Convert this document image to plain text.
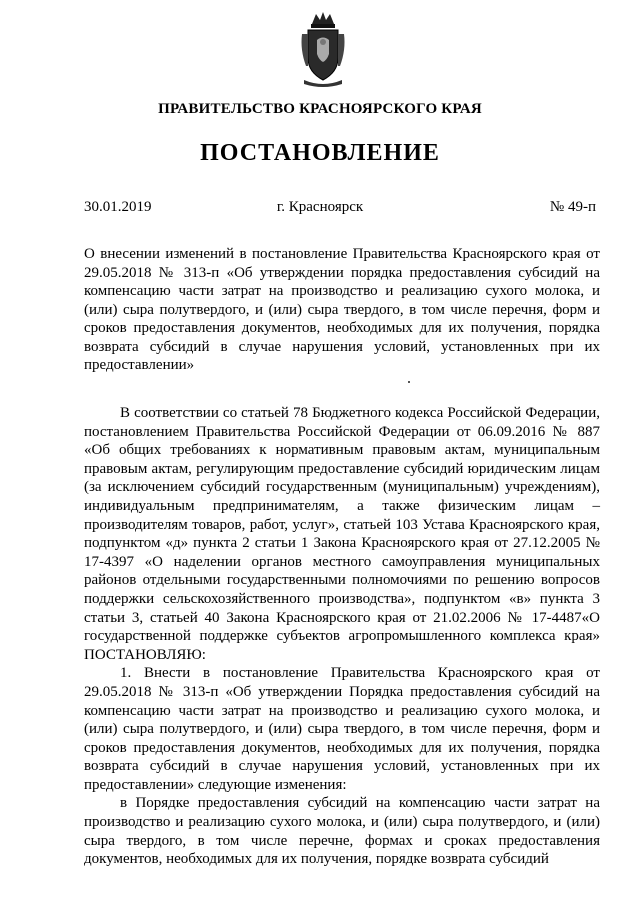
ПРАВИТЕЛЬСТВО КРАСНОЯРСКОГО КРАЯ
ПОСТАНОВЛЕНИЕ
30.01.2019	г. Красноярск	№ 49-п
О внесении изменений в постановление Правительства Красноярского края от 29.05.2018 № 313-п «Об утверждении порядка предоставления субсидий на компенсацию части затрат на производство и реализацию сухого молока, и (или) сыра полутвердого, и (или) сыра твердого, в том числе перечня, форм и сроков предоставления документов, необходимых для их получения, порядка возврата субсидий в случае нарушения условий, установленных при их предоставлении»

В соответствии со статьей 78 Бюджетного кодекса Российской Федерации, постановлением Правительства Российской Федерации от 06.09.2016 № 887 «Об общих требованиях к нормативным правовым актам, муниципальным правовым актам, регулирующим предоставление субсидий юридическим лицам (за исключением субсидий государственным (муниципальным) учреждениям), индивидуальным предпринимателям, а также физическим лицам – производителям товаров, работ, услуг», статьей 103 Устава Красноярского края, подпунктом «д» пункта 2 статьи 1 Закона Красноярского края от 27.12.2005 № 17-4397 «О наделении органов местного самоуправления муниципальных районов отдельными государственными полномочиями по решению вопросов поддержки сельскохозяйственного производства», подпунктом «в» пункта 3 статьи 3, статьей 40 Закона Красноярского края от 21.02.2006 № 17-4487«О государственной поддержке субъектов агропромышленного комплекса края» ПОСТАНОВЛЯЮ:

1. Внести в постановление Правительства Красноярского края от 29.05.2018 № 313-п «Об утверждении Порядка предоставления субсидий на компенсацию части затрат на производство и реализацию сухого молока, и (или) сыра полутвердого, и (или) сыра твердого, в том числе перечня, форм и сроков предоставления документов, необходимых для их получения, порядка возврата субсидий в случае нарушения условий, установленных при их предоставлении» следующие изменения:

в Порядке предоставления субсидий на компенсацию части затрат на производство и реализацию сухого молока, и (или) сыра полутвердого, и (или) сыра твердого, в том числе перечне, формах и сроках предоставления документов, необходимых для их получения, порядке возврата субсидий
